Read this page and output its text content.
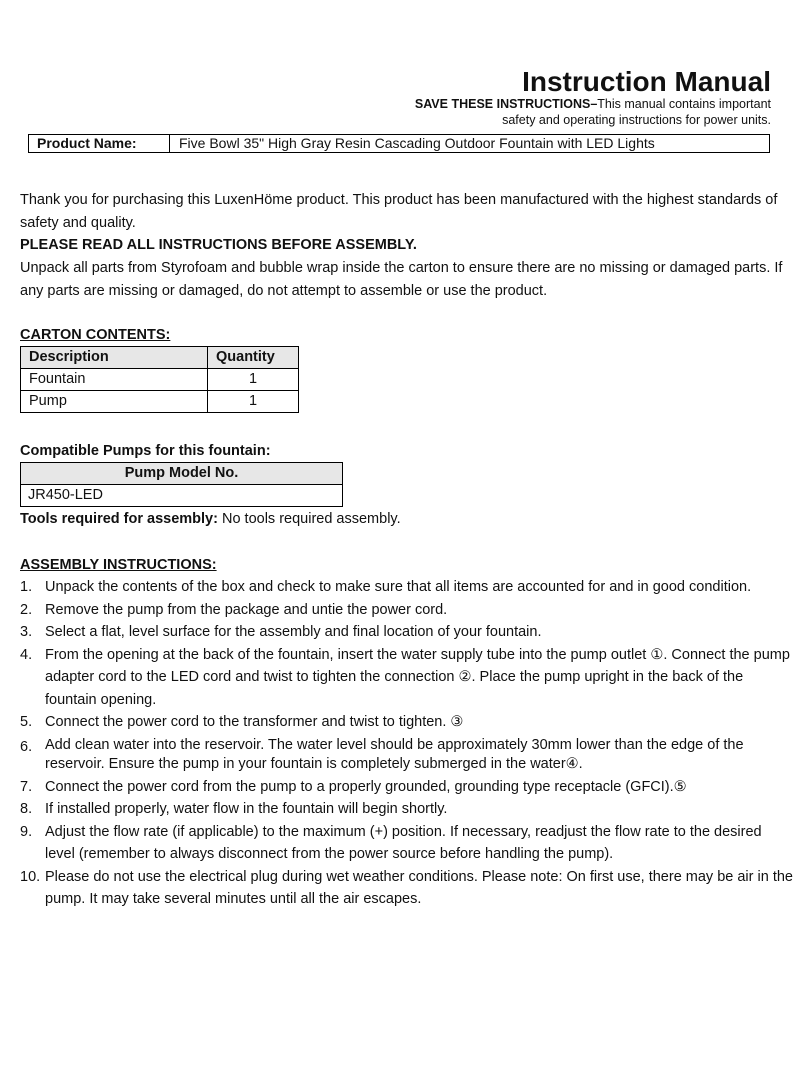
Instruction Manual
SAVE THESE INSTRUCTIONS–This manual contains important
safety and operating instructions for power units.
Product Name:	Five Bowl 35" High Gray Resin Cascading Outdoor Fountain with LED Lights
Thank you for purchasing this LuxenHöme product. This product has been manufactured with the highest standards of safety and quality.
PLEASE READ ALL INSTRUCTIONS BEFORE ASSEMBLY.
Unpack all parts from Styrofoam and bubble wrap inside the carton to ensure there are no missing or damaged parts. If any parts are missing or damaged, do not attempt to assemble or use the product.
CARTON CONTENTS:
Description	Quantity
Fountain	1
Pump	1
Compatible Pumps for this fountain:
Pump Model No.
JR450-LED
Tools required for assembly: No tools required assembly.
ASSEMBLY INSTRUCTIONS:
1. Unpack the contents of the box and check to make sure that all items are accounted for and in good condition.
2. Remove the pump from the package and untie the power cord.
3. Select a flat, level surface for the assembly and final location of your fountain.
4. From the opening at the back of the fountain, insert the water supply tube into the pump outlet ①. Connect the pump adapter cord to the LED cord and twist to tighten the connection ②. Place the pump upright in the back of the fountain opening.
5. Connect the power cord to the transformer and twist to tighten. ③
6. Add clean water into the reservoir. The water level should be approximately 30mm lower than the edge of the reservoir. Ensure the pump in your fountain is completely submerged in the water④.
7. Connect the power cord from the pump to a properly grounded, grounding type receptacle (GFCI).⑤
8. If installed properly, water flow in the fountain will begin shortly.
9. Adjust the flow rate (if applicable) to the maximum (+) position. If necessary, readjust the flow rate to the desired level (remember to always disconnect from the power source before handling the pump).
10. Please do not use the electrical plug during wet weather conditions. Please note: On first use, there may be air in the pump. It may take several minutes until all the air escapes.
